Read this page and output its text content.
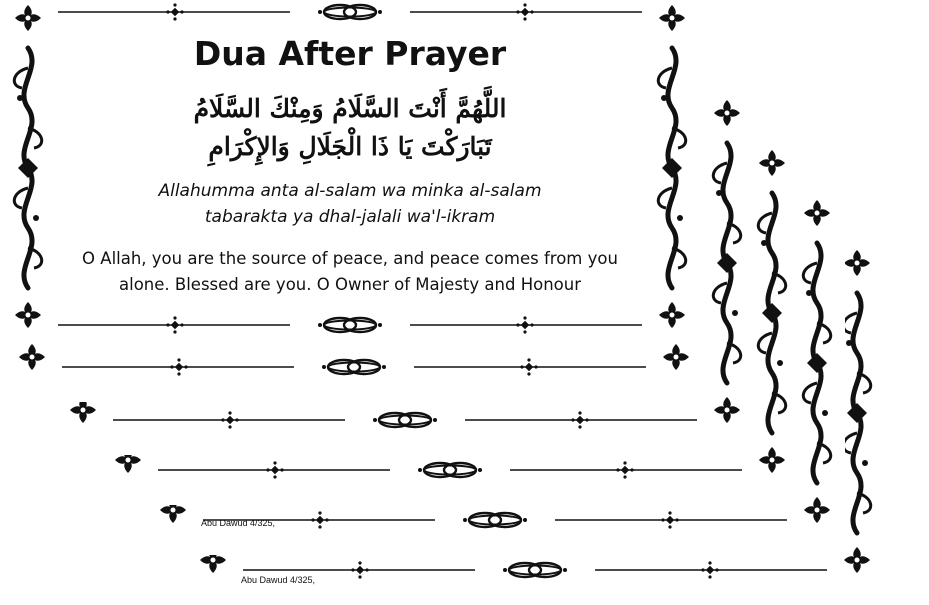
Abu Dawud 4/325,
Abu Dawud 4/325,
Dua After Prayer
اللَّهُمَّ أَنْتَ السَّلَامُ وَمِنْكَ السَّلَامُ
تَبَارَكْتَ يَا ذَا الْجَلَالِ وَالإِكْرَامِ
Allahumma anta al-salam wa minka al-salam
tabarakta ya dhal-jalali wa'l-ikram
O Allah, you are the source of peace, and peace comes from you
alone. Blessed are you. O Owner of Majesty and Honour
